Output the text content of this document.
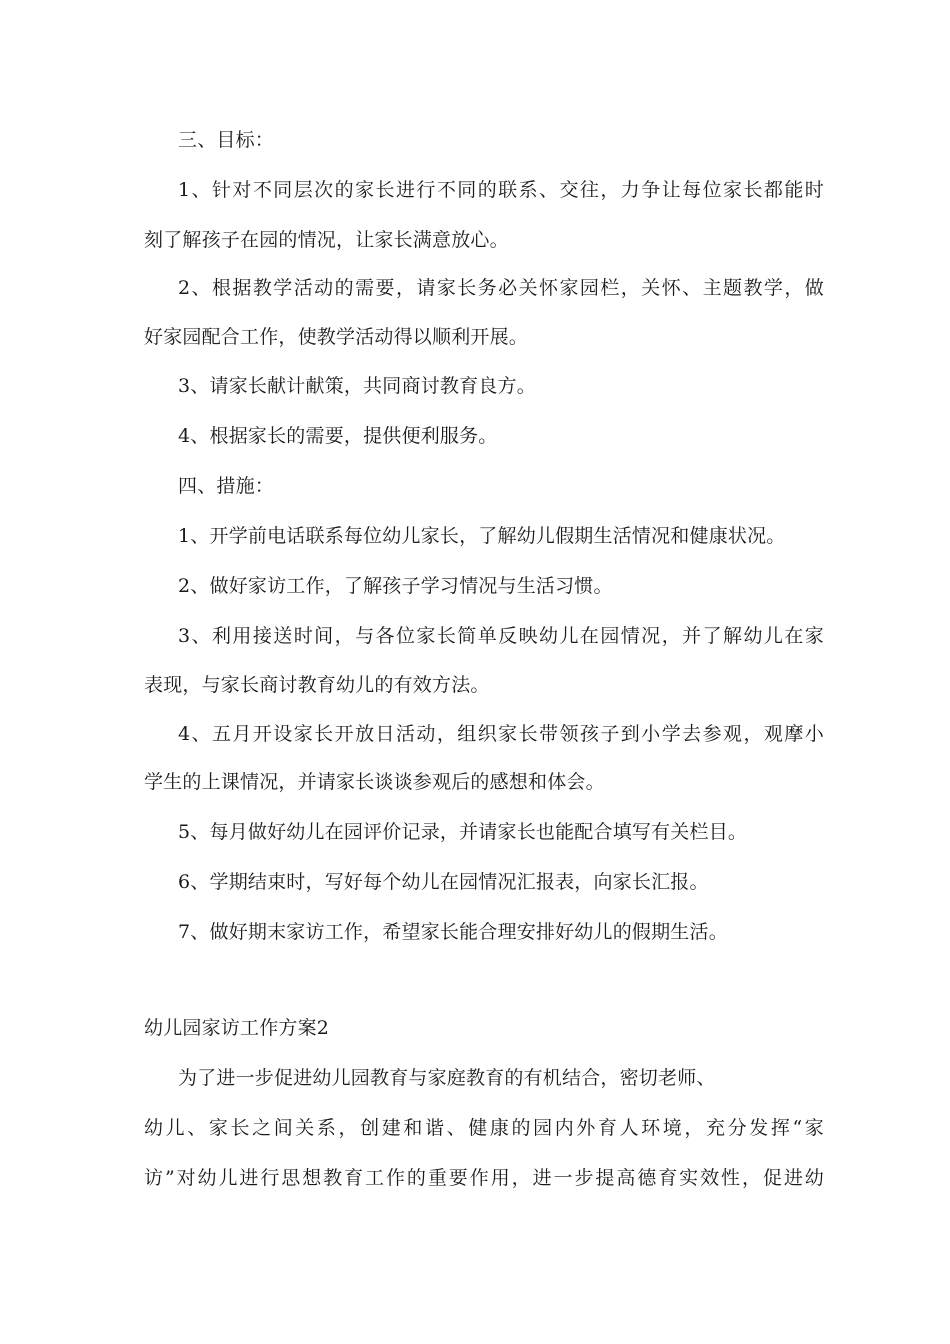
三、目标：
1、针对不同层次的家长进行不同的联系、交往，力争让每位家长都能时
刻了解孩子在园的情况，让家长满意放心。
2、根据教学活动的需要，请家长务必关怀家园栏，关怀、主题教学，做
好家园配合工作，使教学活动得以顺利开展。
3、请家长献计献策，共同商讨教育良方。
4、根据家长的需要，提供便利服务。
四、措施：
1、开学前电话联系每位幼儿家长，了解幼儿假期生活情况和健康状况。
2、做好家访工作，了解孩子学习情况与生活习惯。
3、利用接送时间，与各位家长简单反映幼儿在园情况，并了解幼儿在家
表现，与家长商讨教育幼儿的有效方法。
4、五月开设家长开放日活动，组织家长带领孩子到小学去参观，观摩小
学生的上课情况，并请家长谈谈参观后的感想和体会。
5、每月做好幼儿在园评价记录，并请家长也能配合填写有关栏目。
6、学期结束时，写好每个幼儿在园情况汇报表，向家长汇报。
7、做好期末家访工作，希望家长能合理安排好幼儿的假期生活。
幼儿园家访工作方案2
为了进一步促进幼儿园教育与家庭教育的有机结合，密切老师、
幼儿、家长之间关系，创建和谐、健康的园内外育人环境，充分发挥“家
访”对幼儿进行思想教育工作的重要作用，进一步提高德育实效性，促进幼
